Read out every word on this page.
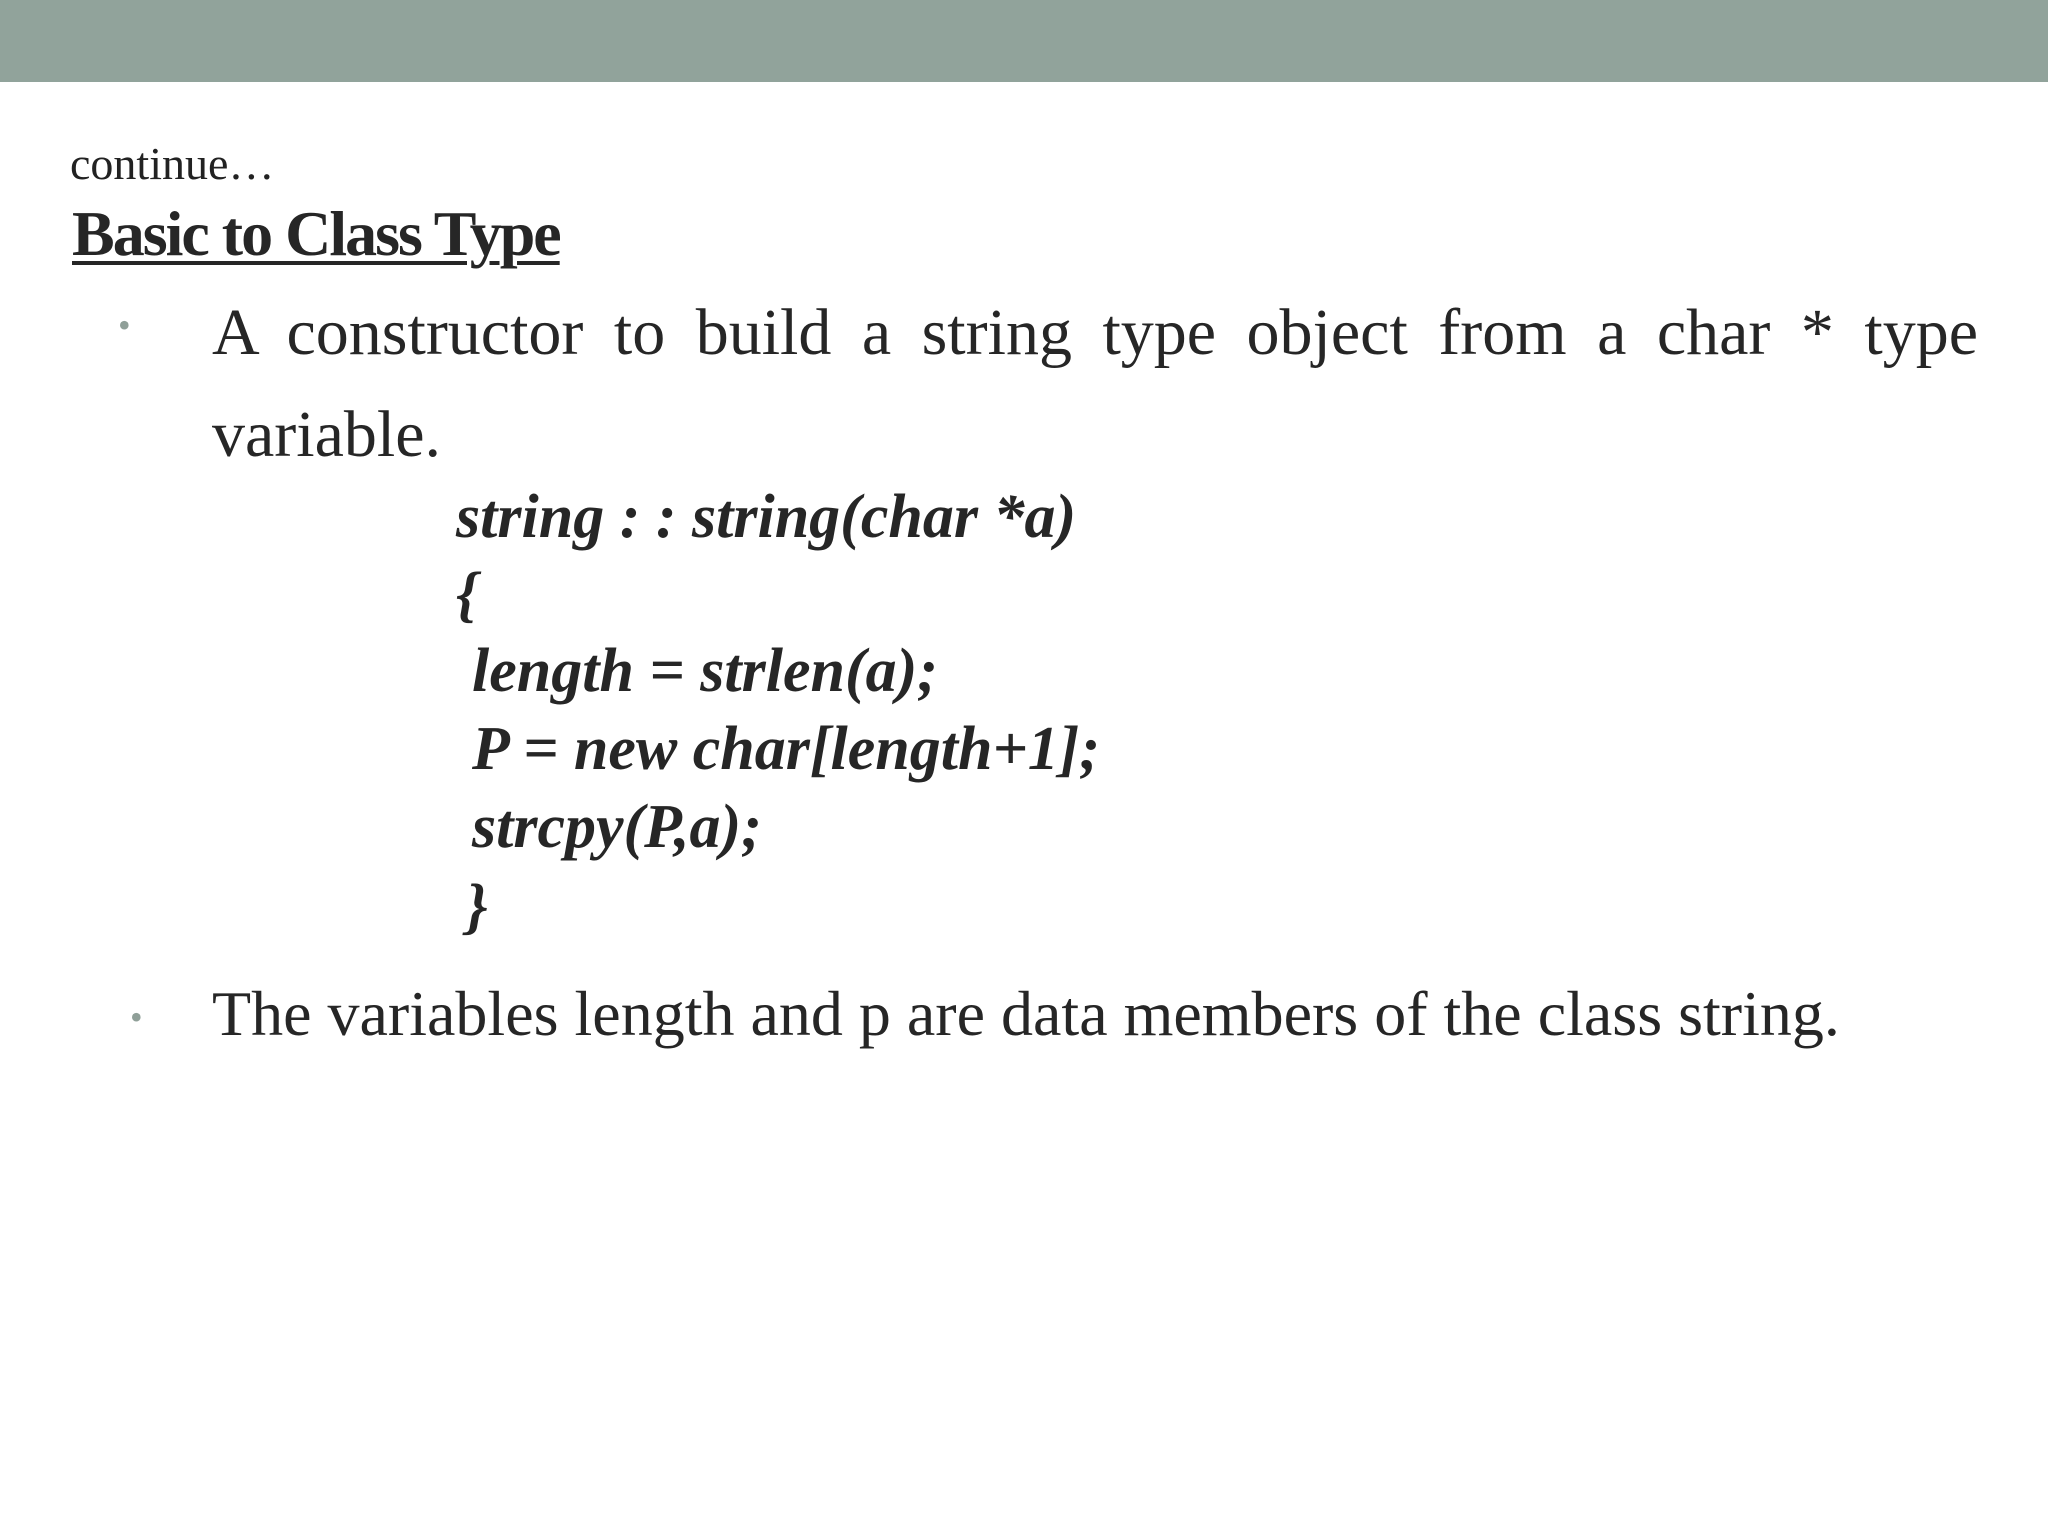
continue…
Basic to Class Type
• A constructor to build a string type object from a char * type variable.
string : : string(char *a)
{
length = strlen(a);
P = new char[length+1];
strcpy(P,a);
}
• The variables length and p are data members of the class string.
